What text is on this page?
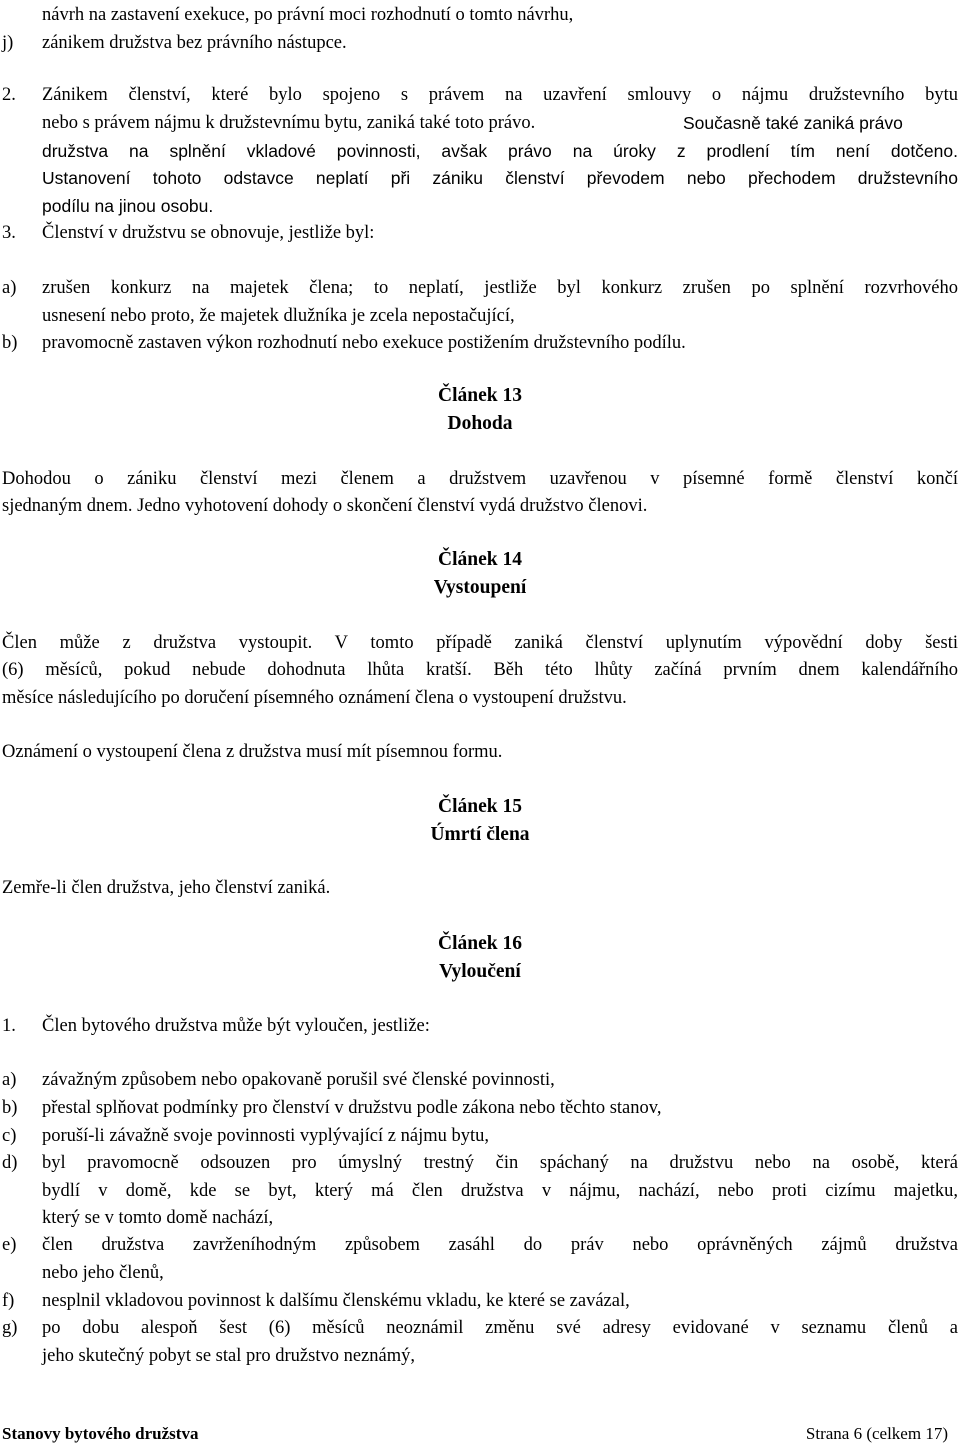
návrh na zastavení exekuce, po právní moci rozhodnutí o tomto návrhu,
j) zánikem družstva bez právního nástupce.
2. Zánikem členství, které bylo spojeno s právem na uzavření smlouvy o nájmu družstevního bytu
nebo s právem nájmu k družstevnímu bytu, zaniká také toto právo.	Současně také zaniká právo
družstva na splnění vkladové povinnosti, avšak právo na úroky z prodlení tím není dotčeno.
Ustanovení tohoto odstavce neplatí při zániku členství převodem nebo přechodem družstevního
podílu na jinou osobu.
3. Členství v družstvu se obnovuje, jestliže byl:
a) zrušen konkurz na majetek člena; to neplatí, jestliže byl konkurz zrušen po splnění rozvrhového
usnesení nebo proto, že majetek dlužníka je zcela nepostačující,
b) pravomocně zastaven výkon rozhodnutí nebo exekuce postižením družstevního podílu.
Článek 13
Dohoda
Dohodou o zániku členství mezi členem a družstvem uzavřenou v písemné formě členství končí
sjednaným dnem. Jedno vyhotovení dohody o skončení členství vydá družstvo členovi.
Článek 14
Vystoupení
Člen může z družstva vystoupit. V tomto případě zaniká členství uplynutím výpovědní doby šesti
(6) měsíců, pokud nebude dohodnuta lhůta kratší. Běh této lhůty začíná prvním dnem kalendářního
měsíce následujícího po doručení písemného oznámení člena o vystoupení družstvu.
Oznámení o vystoupení člena z družstva musí mít písemnou formu.
Článek 15
Úmrtí člena
Zemře-li člen družstva, jeho členství zaniká.
Článek 16
Vyloučení
1. Člen bytového družstva může být vyloučen, jestliže:
a) závažným způsobem nebo opakovaně porušil své členské povinnosti,
b) přestal splňovat podmínky pro členství v družstvu podle zákona nebo těchto stanov,
c) poruší-li závažně svoje povinnosti vyplývající z nájmu bytu,
d) byl pravomocně odsouzen pro úmyslný trestný čin spáchaný na družstvu nebo na osobě, která
bydlí v domě, kde se byt, který má člen družstva v nájmu, nachází, nebo proti cizímu majetku,
který se v tomto domě nachází,
e) člen družstva zavrženíhodným způsobem zasáhl do práv nebo oprávněných zájmů družstva
nebo jeho členů,
f) nesplnil vkladovou povinnost k dalšímu členskému vkladu, ke které se zavázal,
g) po dobu alespoň šest (6) měsíců neoznámil změnu své adresy evidované v seznamu členů a
jeho skutečný pobyt se stal pro družstvo neznámý,
Stanovy bytového družstva	Strana 6 (celkem 17)
